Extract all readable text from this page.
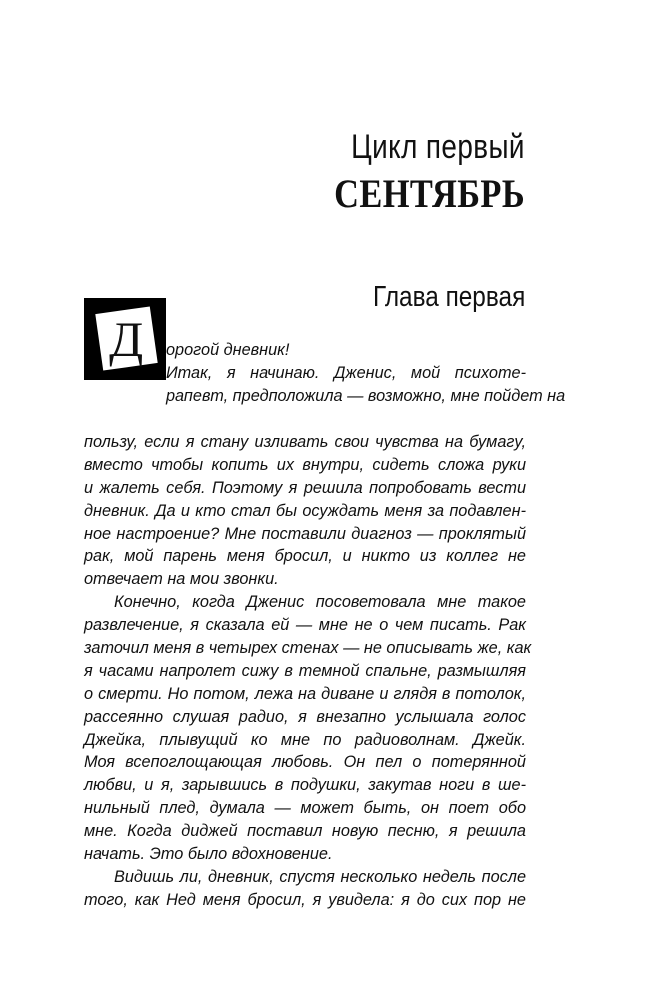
Цикл первый
СЕНТЯБРЬ
Глава первая
Д орогой дневник!
Итак, я начинаю. Дженис, мой психоте-
рапевт, предположила — возможно, мне пойдет на
пользу, если я стану изливать свои чувства на бумагу,
вместо чтобы копить их внутри, сидеть сложа руки
и жалеть себя. Поэтому я решила попробовать вести
дневник. Да и кто стал бы осуждать меня за подавлен-
ное настроение? Мне поставили диагноз — проклятый
рак, мой парень меня бросил, и никто из коллег не
отвечает на мои звонки.
Конечно, когда Дженис посоветовала мне такое
развлечение, я сказала ей — мне не о чем писать. Рак
заточил меня в четырех стенах — не описывать же, как
я часами напролет сижу в темной спальне, размышляя
о смерти. Но потом, лежа на диване и глядя в потолок,
рассеянно слушая радио, я внезапно услышала голос
Джейка, плывущий ко мне по радиоволнам. Джейк.
Моя всепоглощающая любовь. Он пел о потерянной
любви, и я, зарывшись в подушки, закутав ноги в ше-
нильный плед, думала — может быть, он поет обо
мне. Когда диджей поставил новую песню, я решила
начать. Это было вдохновение.
Видишь ли, дневник, спустя несколько недель после
того, как Нед меня бросил, я увидела: я до сих пор не
